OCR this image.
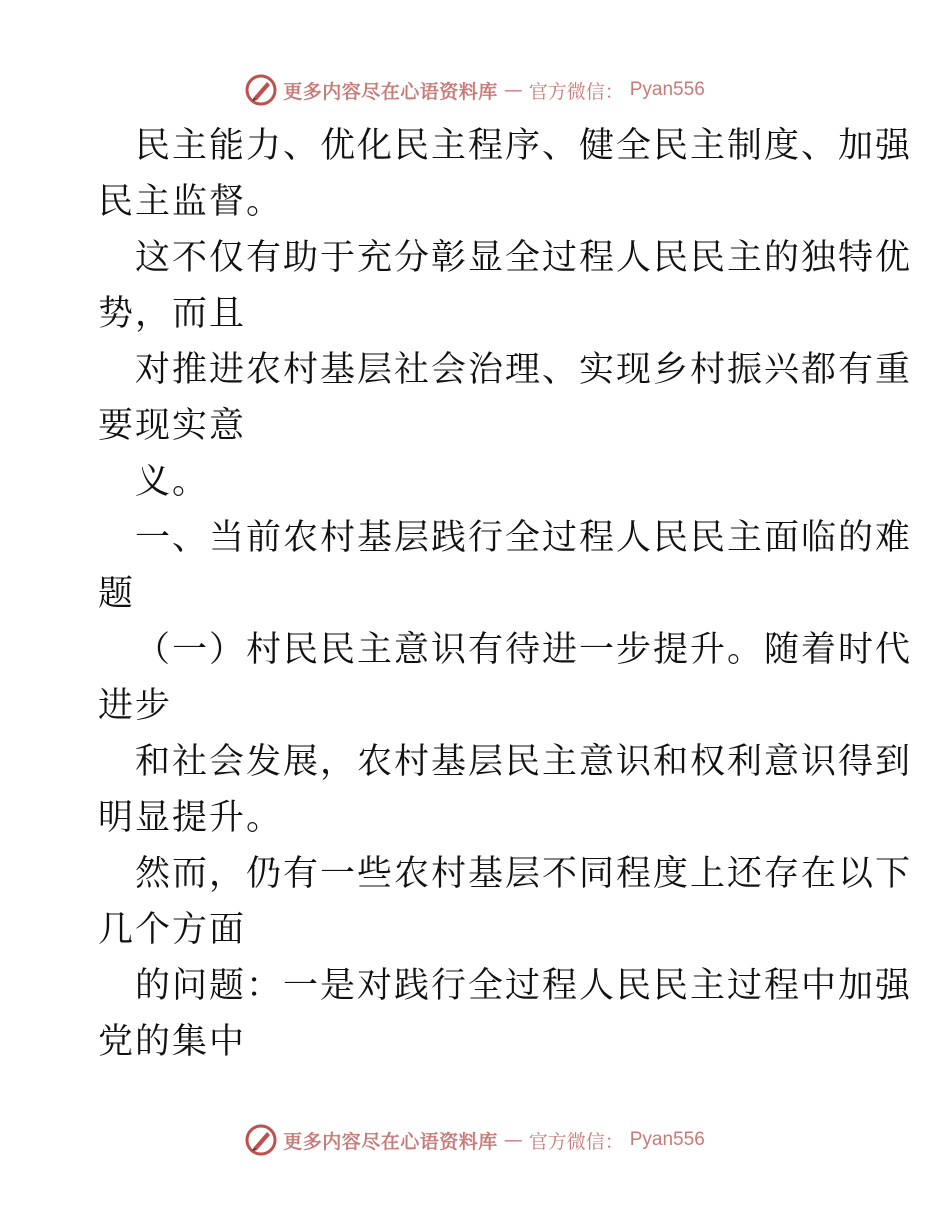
更多内容尽在心语资料库 — 官方微信： Pyan556
民主能力、优化民主程序、健全民主制度、加强
民主监督。
这不仅有助于充分彰显全过程人民民主的独特优
势，而且
对推进农村基层社会治理、实现乡村振兴都有重
要现实意
义。
一、当前农村基层践行全过程人民民主面临的难
题
（一）村民民主意识有待进一步提升。随着时代
进步
和社会发展，农村基层民主意识和权利意识得到
明显提升。
然而，仍有一些农村基层不同程度上还存在以下
几个方面
的问题：一是对践行全过程人民民主过程中加强
党的集中
更多内容尽在心语资料库 — 官方微信： Pyan556
